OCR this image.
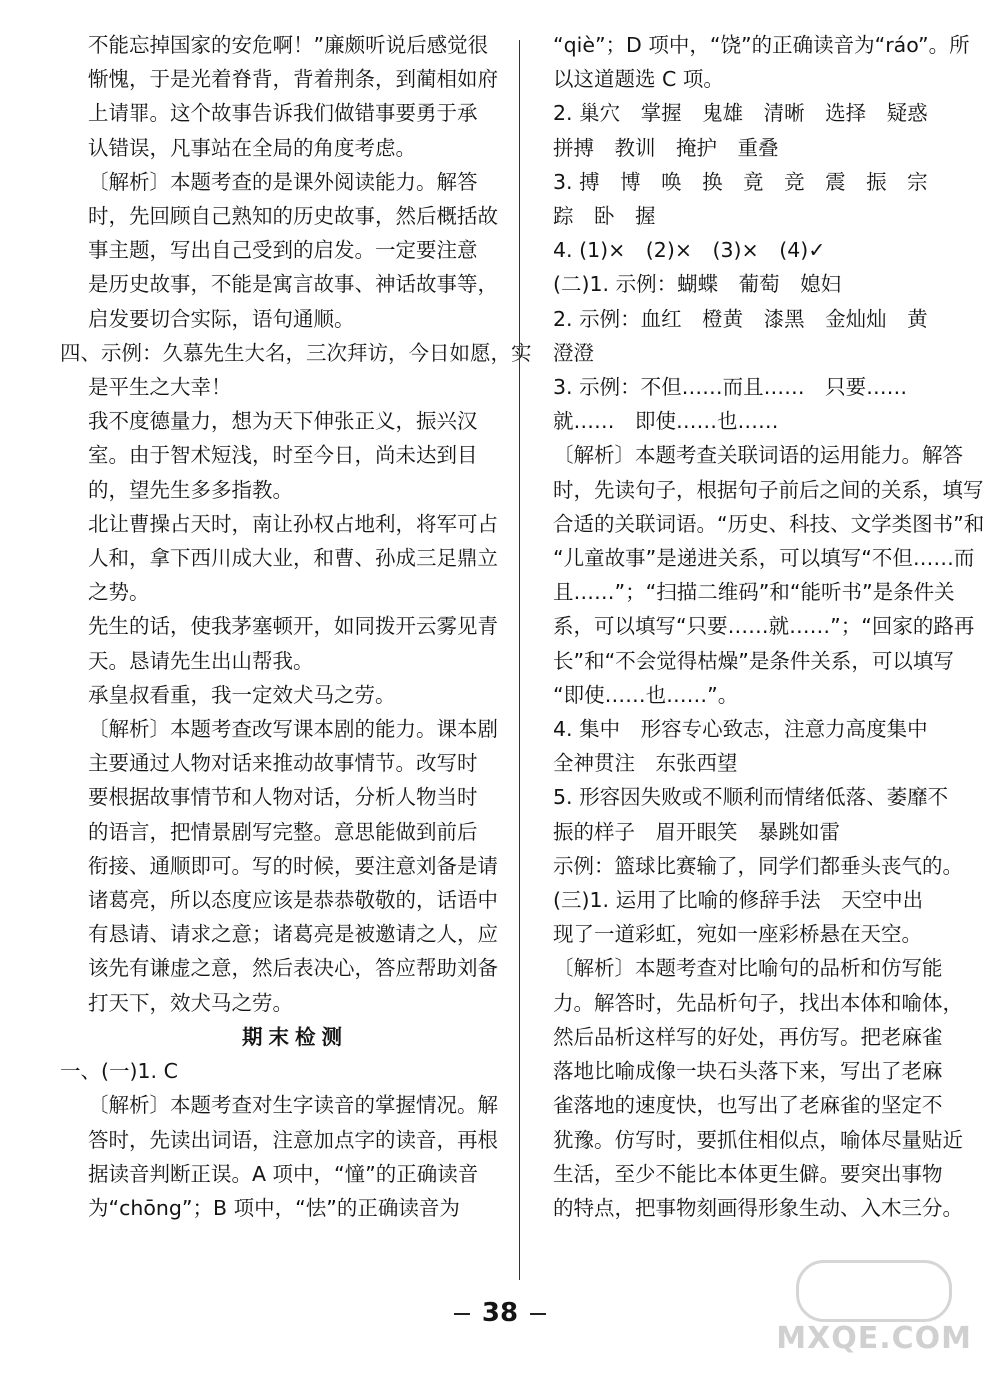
不能忘掉国家的安危啊！”廉颇听说后感觉很
惭愧，于是光着脊背，背着荆条，到蔺相如府
上请罪。这个故事告诉我们做错事要勇于承
认错误，凡事站在全局的角度考虑。
〔解析〕本题考查的是课外阅读能力。解答
时，先回顾自己熟知的历史故事，然后概括故
事主题，写出自己受到的启发。一定要注意
是历史故事，不能是寓言故事、神话故事等，
启发要切合实际，语句通顺。
四、示例：久慕先生大名，三次拜访，今日如愿，实
是平生之大幸！
我不度德量力，想为天下伸张正义，振兴汉
室。由于智术短浅，时至今日，尚未达到目
的，望先生多多指教。
北让曹操占天时，南让孙权占地利，将军可占
人和，拿下西川成大业，和曹、孙成三足鼎立
之势。
先生的话，使我茅塞顿开，如同拨开云雾见青
天。恳请先生出山帮我。
承皇叔看重，我一定效犬马之劳。
〔解析〕本题考查改写课本剧的能力。课本剧
主要通过人物对话来推动故事情节。改写时
要根据故事情节和人物对话，分析人物当时
的语言，把情景剧写完整。意思能做到前后
衔接、通顺即可。写的时候，要注意刘备是请
诸葛亮，所以态度应该是恭恭敬敬的，话语中
有恳请、请求之意；诸葛亮是被邀请之人，应
该先有谦虚之意，然后表决心，答应帮助刘备
打天下，效犬马之劳。
期末检测
一、(一)1. C
〔解析〕本题考查对生字读音的掌握情况。解
答时，先读出词语，注意加点字的读音，再根
据读音判断正误。A 项中，“憧”的正确读音
为“chōng”；B 项中，“怯”的正确读音为
“qiè”；D 项中，“饶”的正确读音为“ráo”。所
以这道题选 C 项。
2. 巢穴　掌握　鬼雄　清晰　选择　疑惑
拼搏　教训　掩护　重叠
3. 搏　博　唤　换　竟　竞　震　振　宗
踪　卧　握
4. (1)×　(2)×　(3)×　(4)✓
(二)1. 示例：蝴蝶　葡萄　媳妇
2. 示例：血红　橙黄　漆黑　金灿灿　黄
澄澄
3. 示例：不但……而且……　只要……
就……　即使……也……
〔解析〕本题考查关联词语的运用能力。解答
时，先读句子，根据句子前后之间的关系，填写
合适的关联词语。“历史、科技、文学类图书”和
“儿童故事”是递进关系，可以填写“不但……而
且……”；“扫描二维码”和“能听书”是条件关
系，可以填写“只要……就……”；“回家的路再
长”和“不会觉得枯燥”是条件关系，可以填写
“即使……也……”。
4. 集中　形容专心致志，注意力高度集中
全神贯注　东张西望
5. 形容因失败或不顺利而情绪低落、萎靡不
振的样子　眉开眼笑　暴跳如雷
示例：篮球比赛输了，同学们都垂头丧气的。
(三)1. 运用了比喻的修辞手法　天空中出
现了一道彩虹，宛如一座彩桥悬在天空。
〔解析〕本题考查对比喻句的品析和仿写能
力。解答时，先品析句子，找出本体和喻体，
然后品析这样写的好处，再仿写。把老麻雀
落地比喻成像一块石头落下来，写出了老麻
雀落地的速度快，也写出了老麻雀的坚定不
犹豫。仿写时，要抓住相似点，喻体尽量贴近
生活，至少不能比本体更生僻。要突出事物
的特点，把事物刻画得形象生动、入木三分。
38
MXQE.COM
